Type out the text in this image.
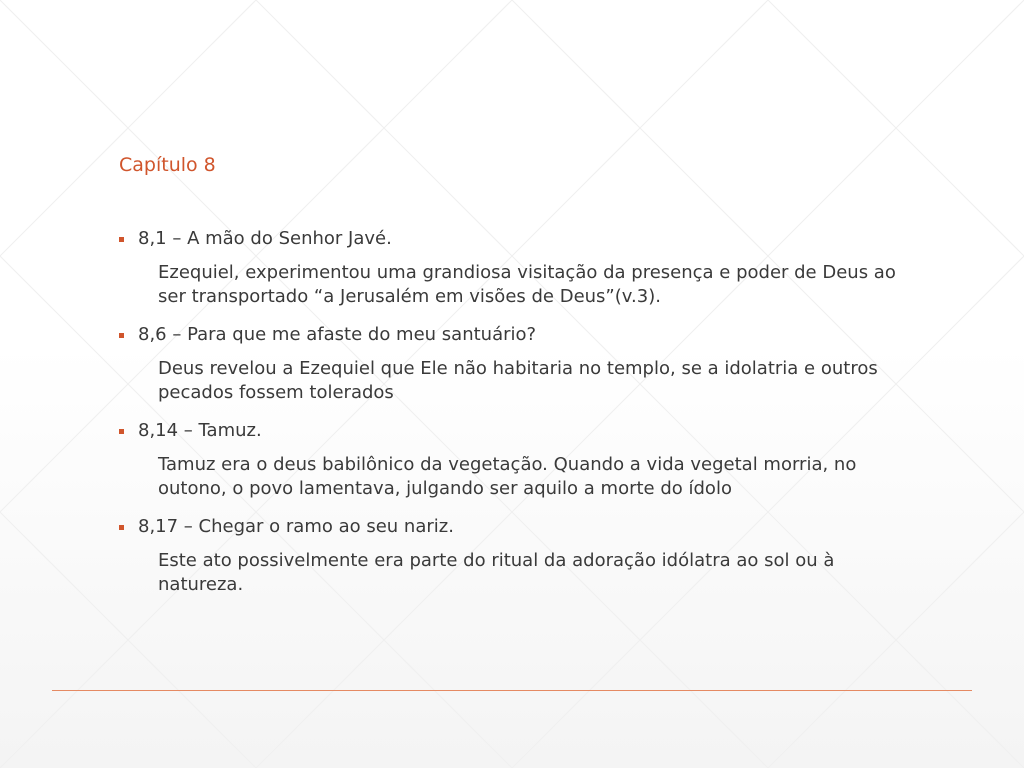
Capítulo 8
8,1 – A mão do Senhor Javé.
Ezequiel, experimentou uma grandiosa visitação da presença e poder de Deus ao ser transportado “a Jerusalém em visões de Deus”(v.3).
8,6 – Para que me afaste do meu santuário?
Deus revelou a Ezequiel que Ele não habitaria no templo, se a idolatria e outros pecados fossem tolerados
8,14 – Tamuz.
Tamuz era o deus babilônico da vegetação. Quando a vida vegetal morria, no outono, o povo lamentava, julgando ser aquilo a morte do ídolo
8,17 – Chegar o ramo ao seu nariz.
Este ato possivelmente era parte do ritual da adoração idólatra ao sol ou à natureza.
